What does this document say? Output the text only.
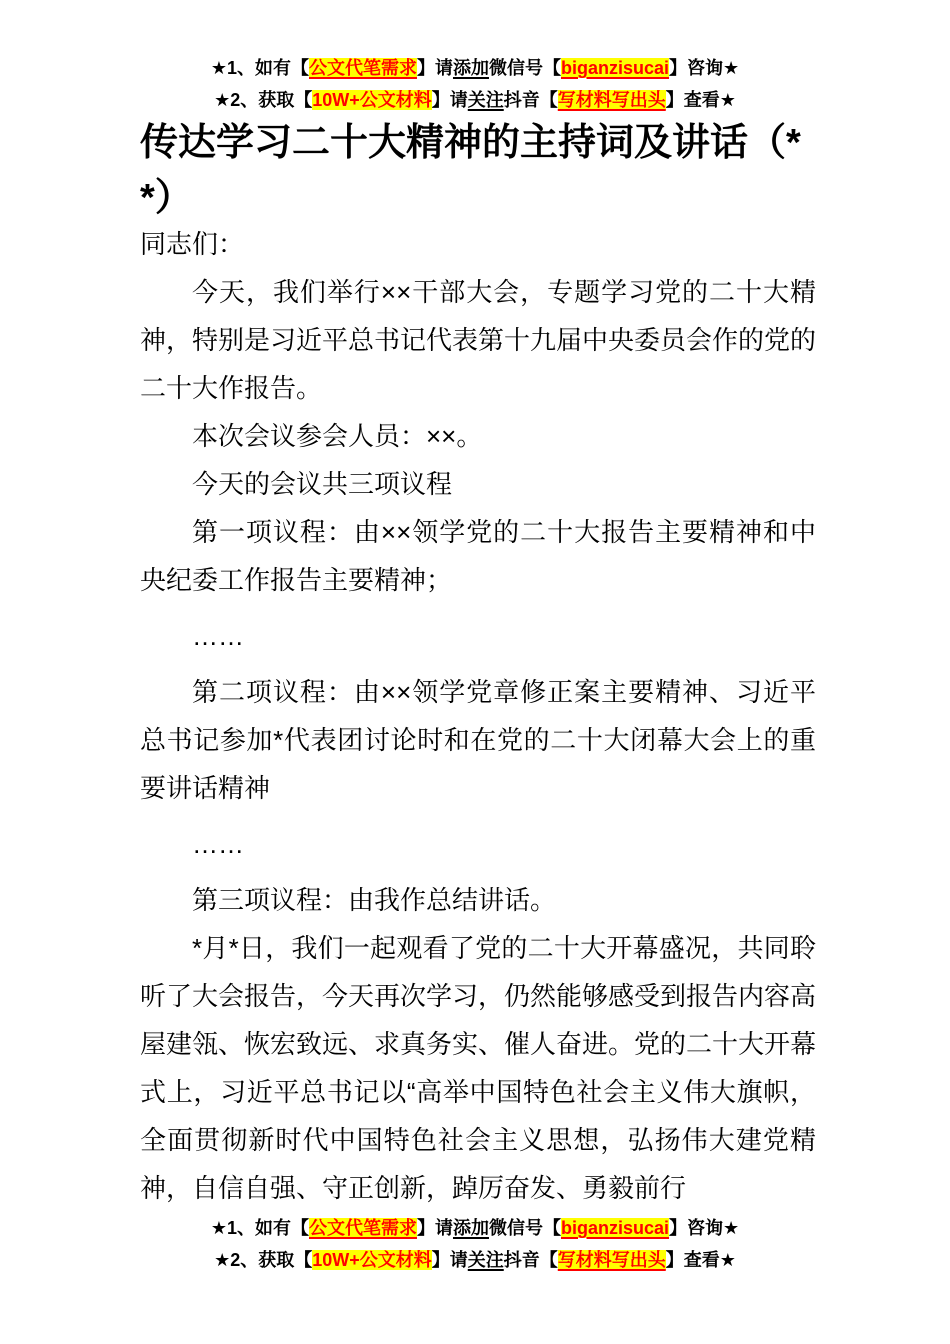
★1、如有【公文代笔需求】请添加微信号【biganzisucai】咨询★
★2、获取【10W+公文材料】请关注抖音【写材料写出头】查看★
传达学习二十大精神的主持词及讲话（**）

同志们：

今天，我们举行××干部大会，专题学习党的二十大精神，特别是习近平总书记代表第十九届中央委员会作的党的二十大作报告。

本次会议参会人员：××。

今天的会议共三项议程

第一项议程：由××领学党的二十大报告主要精神和中央纪委工作报告主要精神；

……

第二项议程：由××领学党章修正案主要精神、习近平总书记参加*代表团讨论时和在党的二十大闭幕大会上的重要讲话精神

……

第三项议程：由我作总结讲话。

*月*日，我们一起观看了党的二十大开幕盛况，共同聆听了大会报告，今天再次学习，仍然能够感受到报告内容高屋建瓴、恢宏致远、求真务实、催人奋进。党的二十大开幕式上，习近平总书记以“高举中国特色社会主义伟大旗帜，全面贯彻新时代中国特色社会主义思想，弘扬伟大建党精神，自信自强、守正创新，踔厉奋发、勇毅前行

★1、如有【公文代笔需求】请添加微信号【biganzisucai】咨询★
★2、获取【10W+公文材料】请关注抖音【写材料写出头】查看★
